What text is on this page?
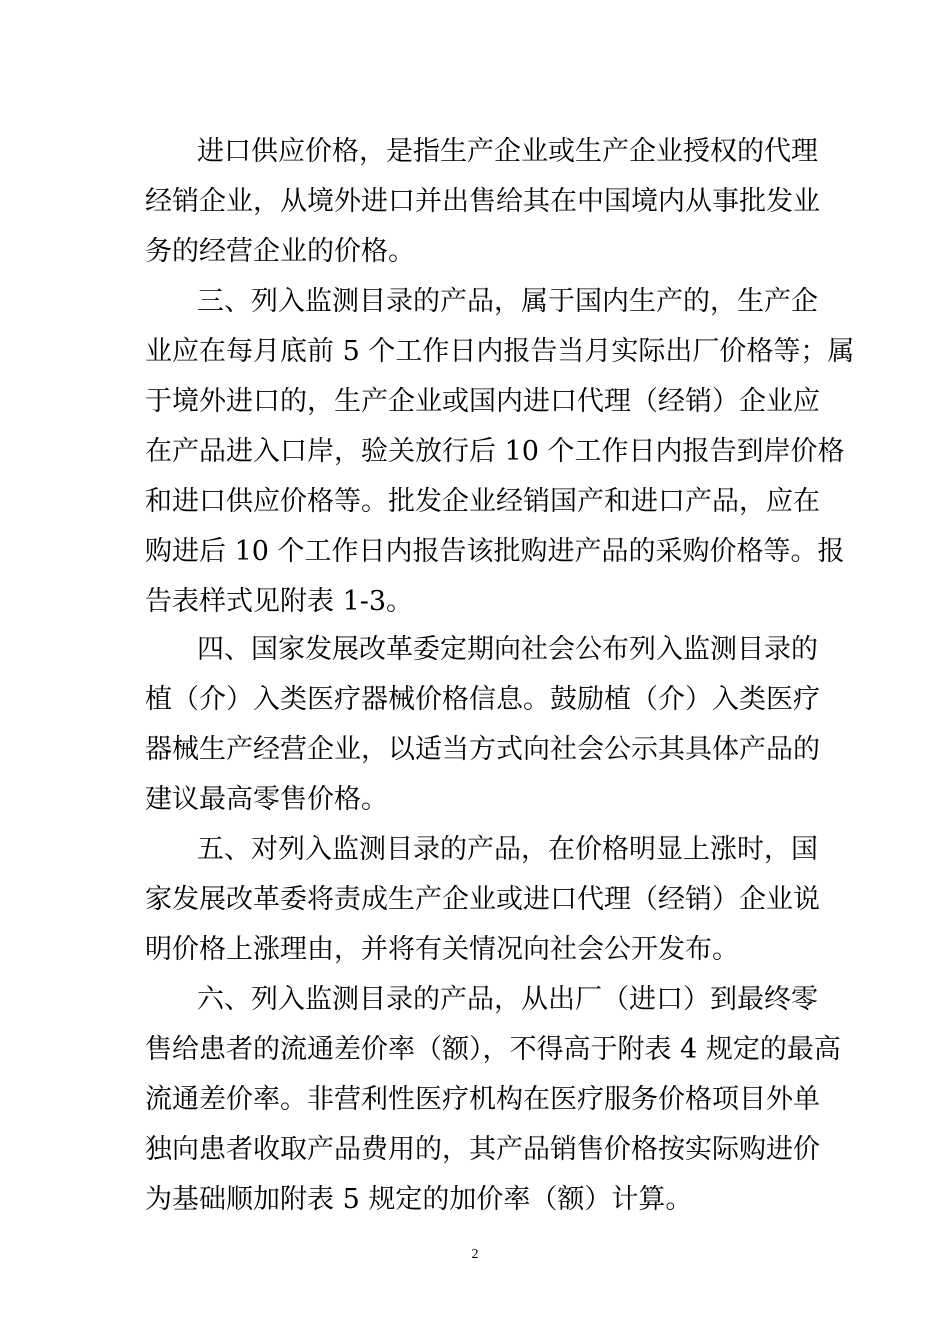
进口供应价格，是指生产企业或生产企业授权的代理
经销企业，从境外进口并出售给其在中国境内从事批发业
务的经营企业的价格。
三、列入监测目录的产品，属于国内生产的，生产企
业应在每月底前 5 个工作日内报告当月实际出厂价格等；属
于境外进口的，生产企业或国内进口代理（经销）企业应
在产品进入口岸，验关放行后 10 个工作日内报告到岸价格
和进口供应价格等。批发企业经销国产和进口产品，应在
购进后 10 个工作日内报告该批购进产品的采购价格等。报
告表样式见附表 1-3。
四、国家发展改革委定期向社会公布列入监测目录的
植（介）入类医疗器械价格信息。鼓励植（介）入类医疗
器械生产经营企业，以适当方式向社会公示其具体产品的
建议最高零售价格。
五、对列入监测目录的产品，在价格明显上涨时，国
家发展改革委将责成生产企业或进口代理（经销）企业说
明价格上涨理由，并将有关情况向社会公开发布。
六、列入监测目录的产品，从出厂（进口）到最终零
售给患者的流通差价率（额），不得高于附表 4 规定的最高
流通差价率。非营利性医疗机构在医疗服务价格项目外单
独向患者收取产品费用的，其产品销售价格按实际购进价
为基础顺加附表 5 规定的加价率（额）计算。
2
